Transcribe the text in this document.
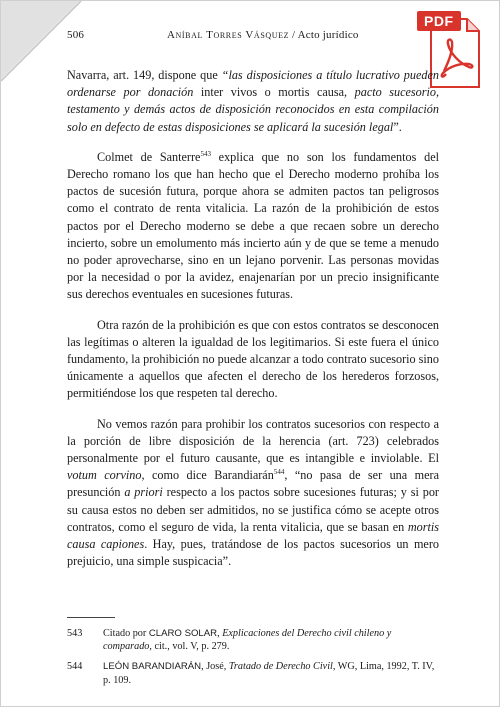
506	Aníbal Torres Vásquez / Acto jurídico
PDF

Navarra, art. 149, dispone que “las disposiciones a título lucrativo pueden ordenarse por donación inter vivos o mortis causa, pacto sucesorio, testamento y demás actos de disposición reconocidos en esta compilación solo en defecto de estas disposiciones se aplicará la sucesión legal”.

Colmet de Santerre$^{543}$ explica que no son los fundamentos del Derecho romano los que han hecho que el Derecho moderno prohíba los pactos de sucesión futura, porque ahora se admiten pactos tan peligrosos como el contrato de renta vitalicia. La razón de la prohibición de estos pactos por el Derecho moderno se debe a que recaen sobre un derecho incierto, sobre un emolumento más incierto aún y de que se teme a menudo no poder aprovecharse, sino en un lejano porvenir. Las personas movidas por la necesidad o por la avidez, enajenarían por un precio insignificante sus derechos eventuales en sucesiones futuras.

Otra razón de la prohibición es que con estos contratos se desconocen las legítimas o alteren la igualdad de los legitimarios. Si este fuera el único fundamento, la prohibición no puede alcanzar a todo contrato sucesorio sino únicamente a aquellos que afecten el derecho de los herederos forzosos, permitiéndose los que respeten tal derecho.

No vemos razón para prohibir los contratos sucesorios con respecto a la porción de libre disposición de la herencia (art. 723) celebrados personalmente por el futuro causante, que es intangible e inviolable. El votum corvino, como dice Barandiarán$^{544}$, “no pasa de ser una mera presunción a priori respecto a los pactos sobre sucesiones futuras; y si por su causa estos no deben ser admitidos, no se justifica cómo se acepte otros contratos, como el seguro de vida, la renta vitalicia, que se basan en mortis causa capiones. Hay, pues, tratándose de los pactos sucesorios un mero prejuicio, una simple suspicacia”.

543 Citado por CLARO SOLAR, Explicaciones del Derecho civil chileno y comparado, cit., vol. V, p. 279.
544 LEÓN BARANDIARÁN, José, Tratado de Derecho Civil, WG, Lima, 1992, T. IV, p. 109.
